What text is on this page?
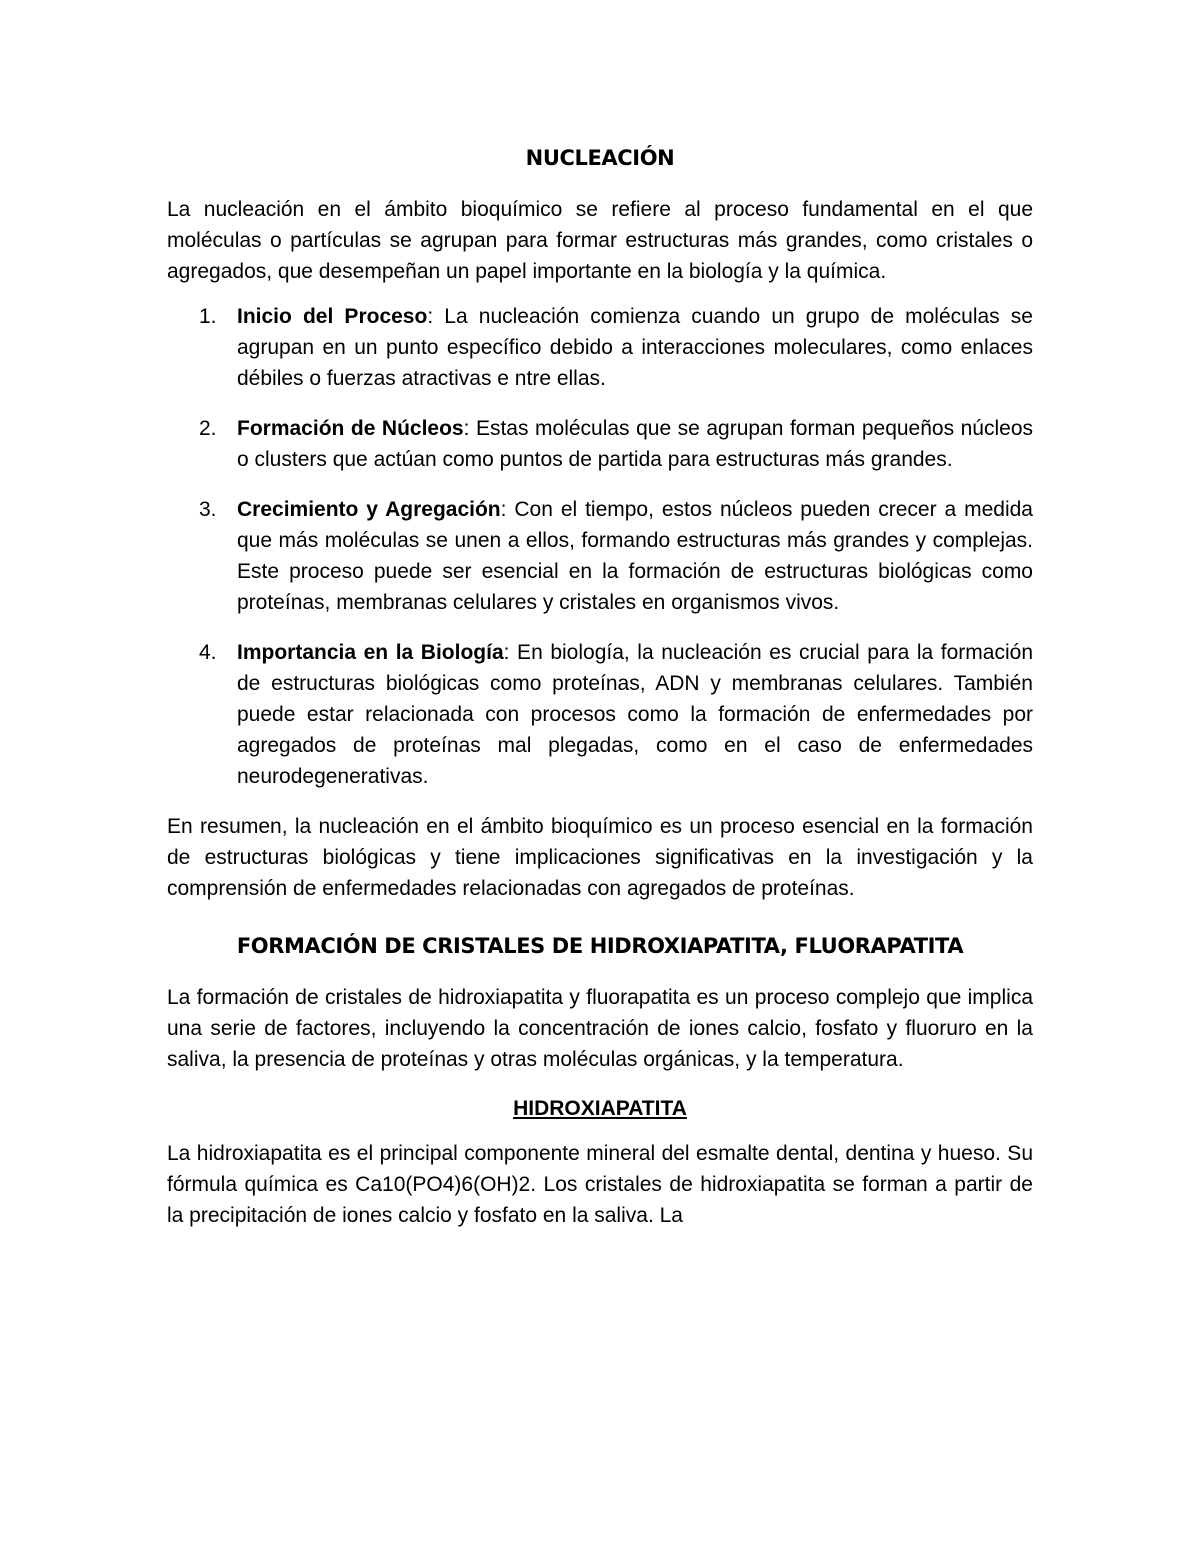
NUCLEACIÓN

La nucleación en el ámbito bioquímico se refiere al proceso fundamental en el que moléculas o partículas se agrupan para formar estructuras más grandes, como cristales o agregados, que desempeñan un papel importante en la biología y la química.

1. Inicio del Proceso: La nucleación comienza cuando un grupo de moléculas se agrupan en un punto específico debido a interacciones moleculares, como enlaces débiles o fuerzas atractivas e ntre ellas.
2. Formación de Núcleos: Estas moléculas que se agrupan forman pequeños núcleos o clusters que actúan como puntos de partida para estructuras más grandes.
3. Crecimiento y Agregación: Con el tiempo, estos núcleos pueden crecer a medida que más moléculas se unen a ellos, formando estructuras más grandes y complejas. Este proceso puede ser esencial en la formación de estructuras biológicas como proteínas, membranas celulares y cristales en organismos vivos.
4. Importancia en la Biología: En biología, la nucleación es crucial para la formación de estructuras biológicas como proteínas, ADN y membranas celulares. También puede estar relacionada con procesos como la formación de enfermedades por agregados de proteínas mal plegadas, como en el caso de enfermedades neurodegenerativas.

En resumen, la nucleación en el ámbito bioquímico es un proceso esencial en la formación de estructuras biológicas y tiene implicaciones significativas en la investigación y la comprensión de enfermedades relacionadas con agregados de proteínas.

FORMACIÓN DE CRISTALES DE HIDROXIAPATITA, FLUORAPATITA

La formación de cristales de hidroxiapatita y fluorapatita es un proceso complejo que implica una serie de factores, incluyendo la concentración de iones calcio, fosfato y fluoruro en la saliva, la presencia de proteínas y otras moléculas orgánicas, y la temperatura.

HIDROXIAPATITA

La hidroxiapatita es el principal componente mineral del esmalte dental, dentina y hueso. Su fórmula química es Ca10(PO4)6(OH)2. Los cristales de hidroxiapatita se forman a partir de la precipitación de iones calcio y fosfato en la saliva. La
